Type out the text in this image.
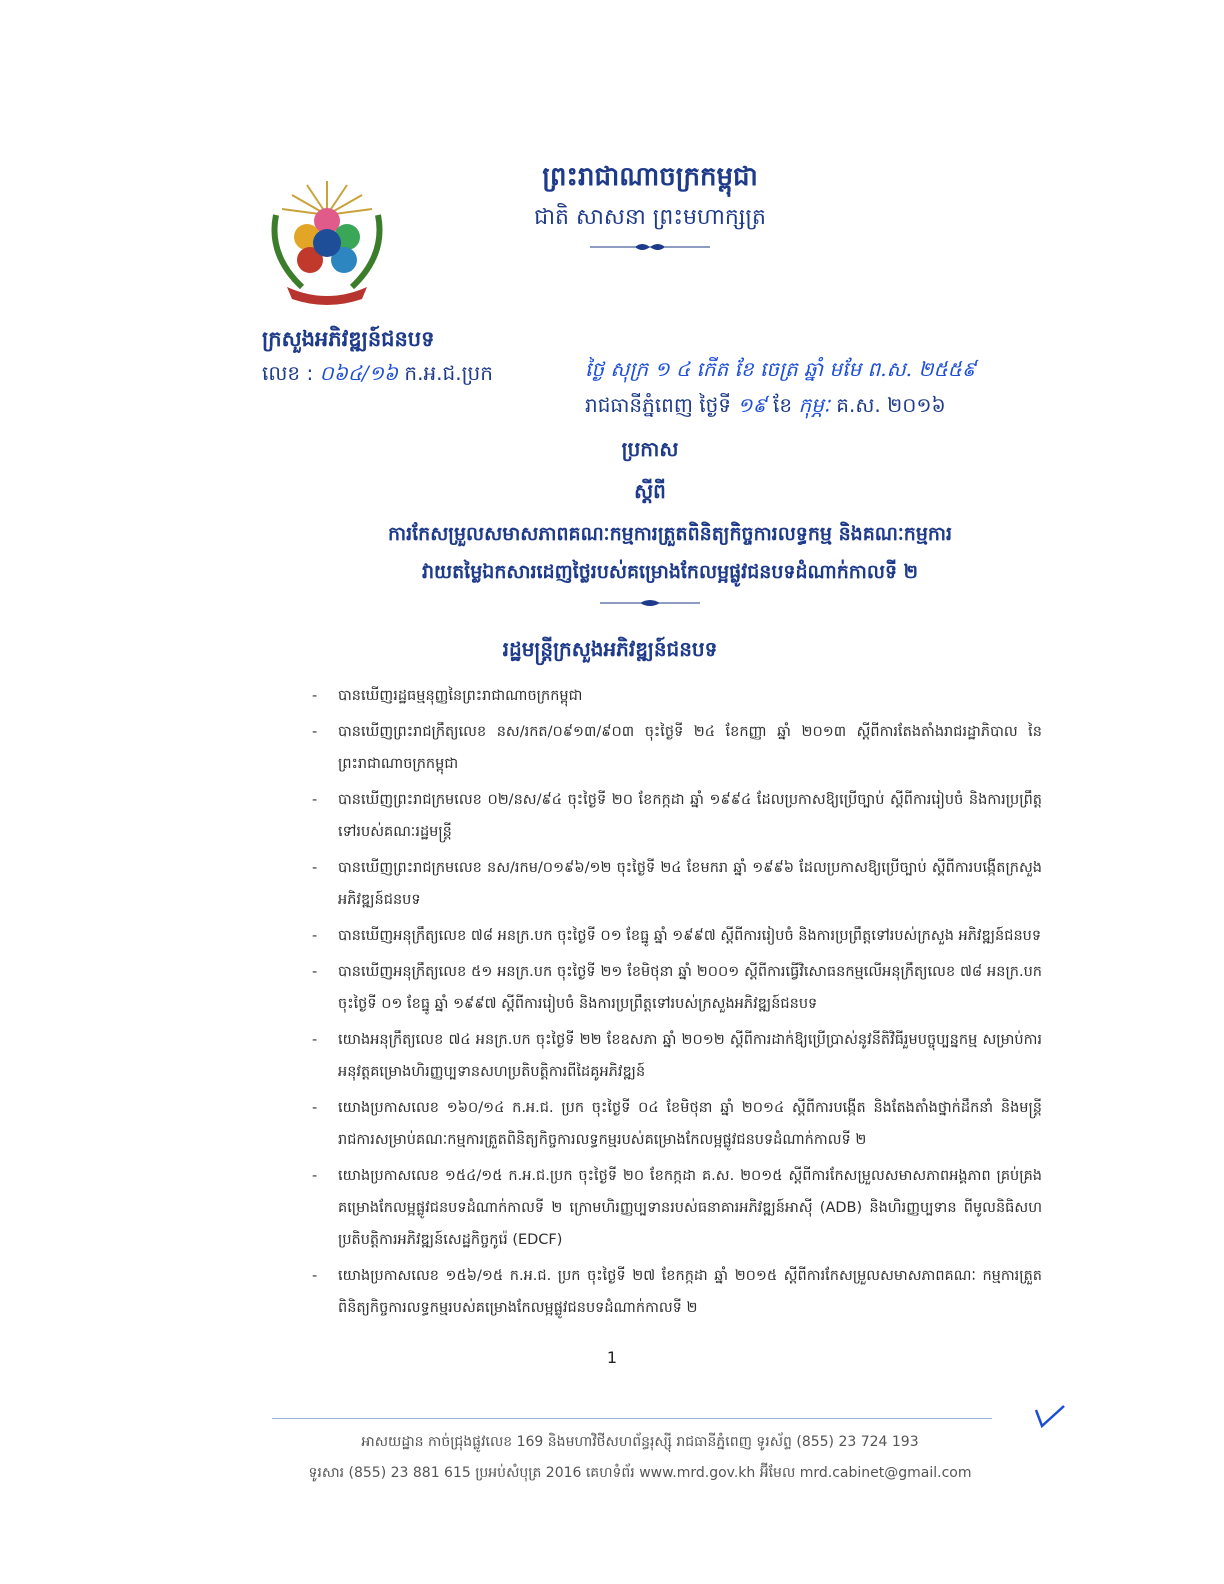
ក្រសួងអភិវឌ្ឍន៍ជនបទ
លេខ : ០៦៤/១៦ ក.អ.ជ.ប្រក
ព្រះរាជាណាចក្រកម្ពុជា
ជាតិ សាសនា ព្រះមហាក្សត្រ
ថ្ងៃ សុក្រ ១ ៤ កើត ខែ ចេត្រ ឆ្នាំ មមែ ព.ស. ២៥៥៩
រាជធានីភ្នំពេញ ថ្ងៃទី ១៩ ខែ កុម្ភៈ គ.ស. ២០១៦
ប្រកាស
ស្តីពី
ការកែសម្រួលសមាសភាពគណៈកម្មការត្រួតពិនិត្យកិច្ចការលទ្ធកម្ម និងគណៈកម្មការ
វាយតម្លៃឯកសារដេញថ្លៃរបស់គម្រោងកែលម្អផ្លូវជនបទដំណាក់កាលទី ២
រដ្ឋមន្ត្រីក្រសួងអភិវឌ្ឍន៍ជនបទ
- បានឃើញរដ្ឋធម្មនុញ្ញនៃព្រះរាជាណាចក្រកម្ពុជា
- បានឃើញព្រះរាជក្រឹត្យលេខ នស/រកត/០៩១៣/៩០៣ ចុះថ្ងៃទី ២៤ ខែកញ្ញា ឆ្នាំ ២០១៣ ស្តីពីការតែងតាំងរាជរដ្ឋាភិបាល នៃព្រះរាជាណាចក្រកម្ពុជា
- បានឃើញព្រះរាជក្រមលេខ ០២/នស/៩៤ ចុះថ្ងៃទី ២០ ខែកក្កដា ឆ្នាំ ១៩៩៤ ដែលប្រកាសឱ្យប្រើច្បាប់ ស្តីពីការរៀបចំ និងការប្រព្រឹត្តទៅរបស់គណៈរដ្ឋមន្ត្រី
- បានឃើញព្រះរាជក្រមលេខ នស/រកម/០១៩៦/១២ ចុះថ្ងៃទី ២៤ ខែមករា ឆ្នាំ ១៩៩៦ ដែលប្រកាសឱ្យប្រើច្បាប់ ស្តីពីការបង្កើតក្រសួងអភិវឌ្ឍន៍ជនបទ
- បានឃើញអនុក្រឹត្យលេខ ៧៨ អនក្រ.បក ចុះថ្ងៃទី ០១ ខែធ្នូ ឆ្នាំ ១៩៩៧ ស្តីពីការរៀបចំ និងការប្រព្រឹត្តទៅរបស់ក្រសួង អភិវឌ្ឍន៍ជនបទ
- បានឃើញអនុក្រឹត្យលេខ ៥១ អនក្រ.បក ចុះថ្ងៃទី ២១ ខែមិថុនា ឆ្នាំ ២០០១ ស្តីពីការធ្វើវិសោធនកម្មលើអនុក្រឹត្យលេខ ៧៨ អនក្រ.បក ចុះថ្ងៃទី ០១ ខែធ្នូ ឆ្នាំ ១៩៩៧ ស្តីពីការរៀបចំ និងការប្រព្រឹត្តទៅរបស់ក្រសួងអភិវឌ្ឍន៍ជនបទ
- យោងអនុក្រឹត្យលេខ ៧៤ អនក្រ.បក ចុះថ្ងៃទី ២២ ខែឧសភា ឆ្នាំ ២០១២ ស្តីពីការដាក់ឱ្យប្រើប្រាស់នូវនីតិវិធីរួមបច្ចុប្បន្នកម្ម សម្រាប់ការអនុវត្តគម្រោងហិរញ្ញប្បទានសហប្រតិបត្តិការពីដៃគូអភិវឌ្ឍន៍
- យោងប្រកាសលេខ ១៦០/១៤ ក.អ.ជ. ប្រក ចុះថ្ងៃទី ០៤ ខែមិថុនា ឆ្នាំ ២០១៤ ស្តីពីការបង្កើត និងតែងតាំងថ្នាក់ដឹកនាំ និងមន្ត្រីរាជការសម្រាប់គណៈកម្មការត្រួតពិនិត្យកិច្ចការលទ្ធកម្មរបស់គម្រោងកែលម្អផ្លូវជនបទដំណាក់កាលទី ២
- យោងប្រកាសលេខ ១៥៤/១៥ ក.អ.ជ.ប្រក ចុះថ្ងៃទី ២០ ខែកក្កដា គ.ស. ២០១៥ ស្តីពីការកែសម្រួលសមាសភាពអង្គភាព គ្រប់គ្រងគម្រោងកែលម្អផ្លូវជនបទដំណាក់កាលទី ២ ក្រោមហិរញ្ញប្បទានរបស់ធនាគារអភិវឌ្ឍន៍អាស៊ី (ADB) និងហិរញ្ញប្បទាន ពីមូលនិធិសហប្រតិបត្តិការអភិវឌ្ឍន៍សេដ្ឋកិច្ចកូរ៉េ (EDCF)
- យោងប្រកាសលេខ ១៥៦/១៥ ក.អ.ជ. ប្រក ចុះថ្ងៃទី ២៧ ខែកក្កដា ឆ្នាំ ២០១៥ ស្តីពីការកែសម្រួលសមាសភាពគណៈ កម្មការត្រួតពិនិត្យកិច្ចការលទ្ធកម្មរបស់គម្រោងកែលម្អផ្លូវជនបទដំណាក់កាលទី ២
1
អាសយដ្ឋាន កាច់ជ្រុងផ្លូវលេខ 169 និងមហាវិថីសហព័ន្ធរុស្ស៊ី រាជធានីភ្នំពេញ ទូរស័ព្ទ (855) 23 724 193
ទូរសារ (855) 23 881 615 ប្រអប់សំបុត្រ 2016 គេហទំព័រ www.mrd.gov.kh អ៊ីមែល mrd.cabinet@gmail.com
